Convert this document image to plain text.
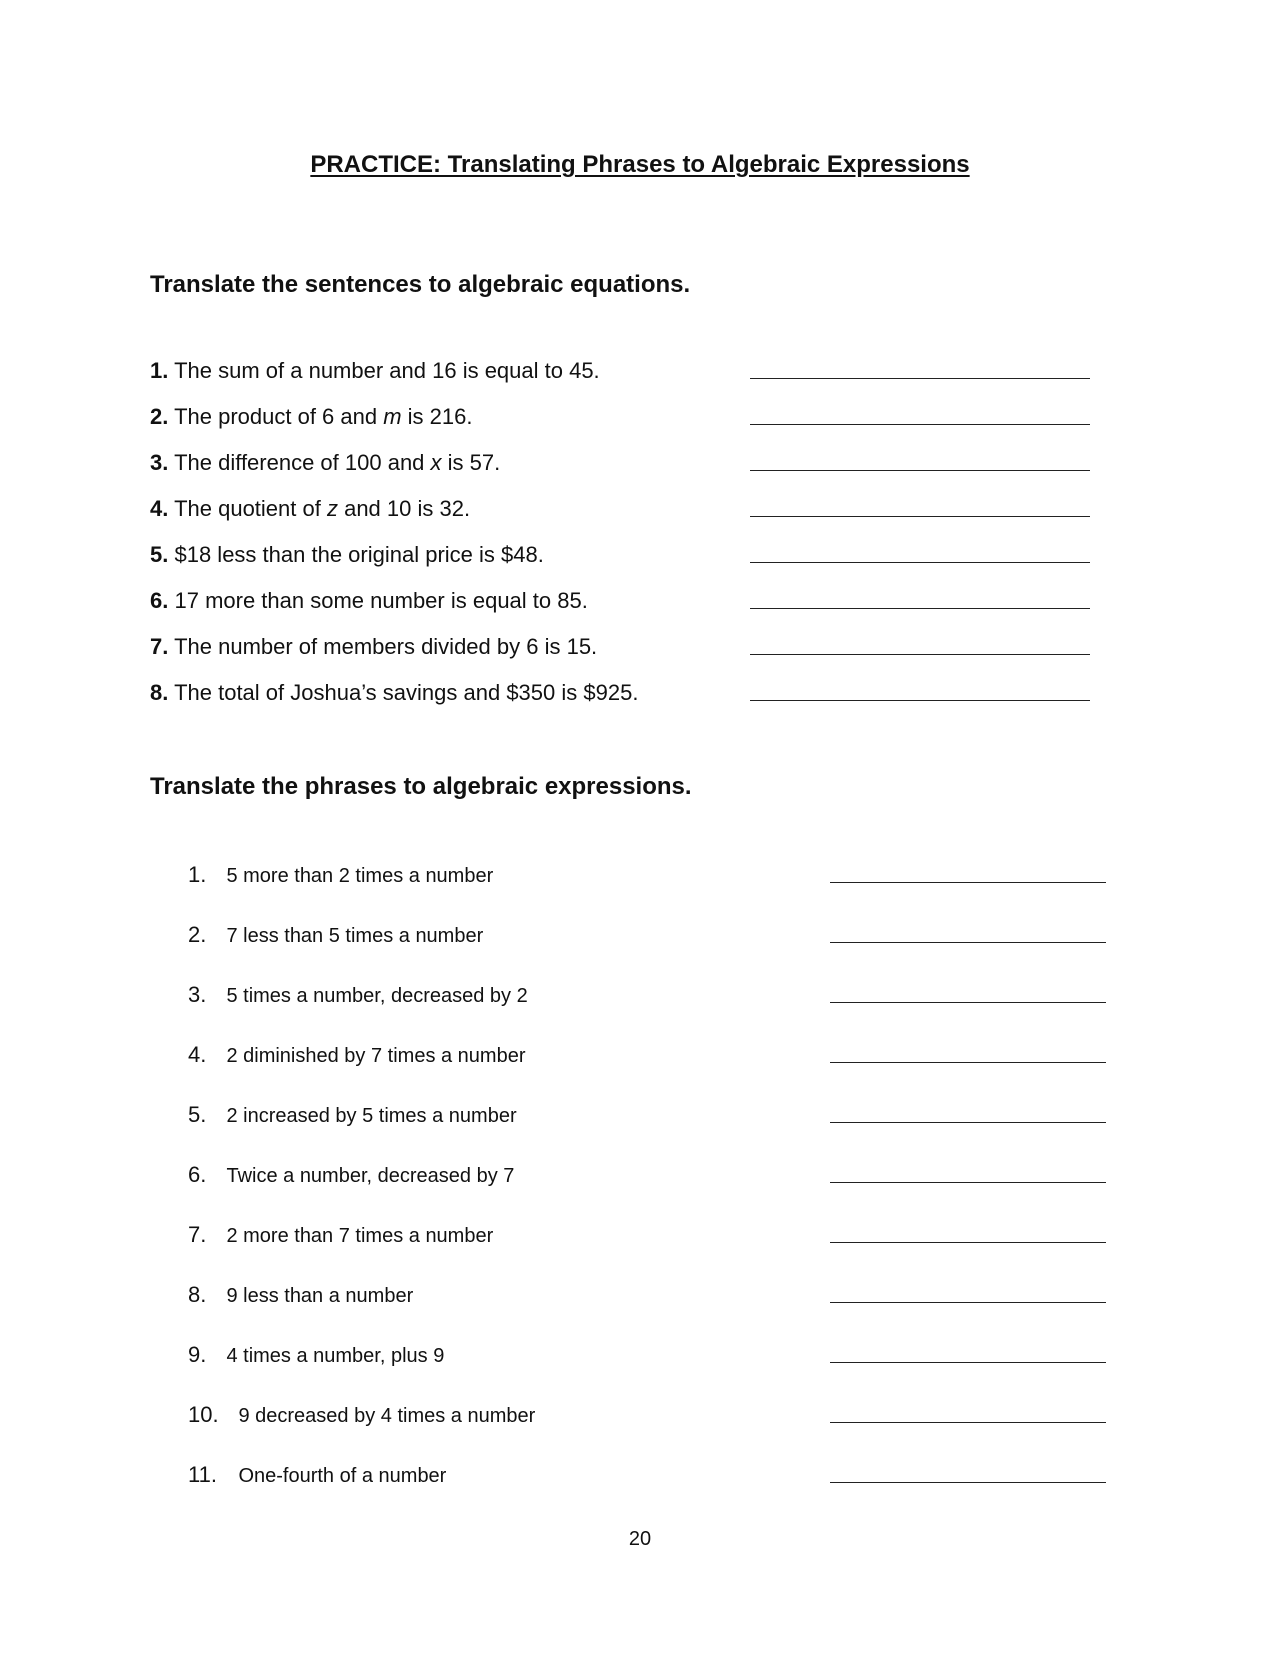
PRACTICE: Translating Phrases to Algebraic Expressions
Translate the sentences to algebraic equations.
1. The sum of a number and 16 is equal to 45.
2. The product of 6 and m is 216.
3. The difference of 100 and x is 57.
4. The quotient of z and 10 is 32.
5. $18 less than the original price is $48.
6. 17 more than some number is equal to 85.
7. The number of members divided by 6 is 15.
8. The total of Joshua’s savings and $350 is $925.
Translate the phrases to algebraic expressions.
1. 5 more than 2 times a number
2. 7 less than 5 times a number
3. 5 times a number, decreased by 2
4. 2 diminished by 7 times a number
5. 2 increased by 5 times a number
6. Twice a number, decreased by 7
7. 2 more than 7 times a number
8. 9 less than a number
9. 4 times a number, plus 9
10. 9 decreased by 4 times a number
11. One-fourth of a number
20
